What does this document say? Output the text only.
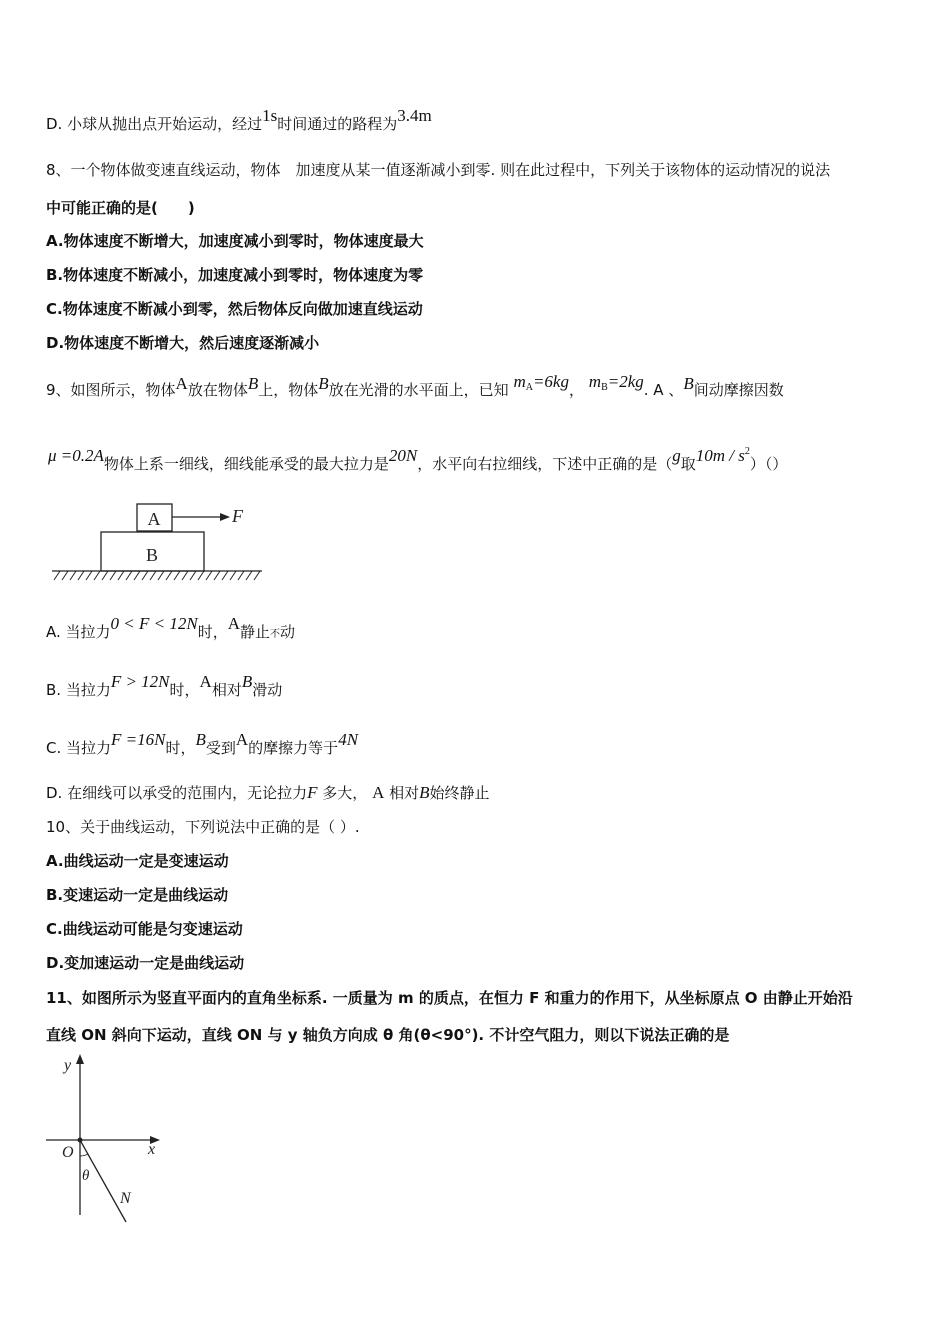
D. 小球从抛出点开始运动，经过1s时间通过的路程为3.4m
8、一个物体做变速直线运动，物体　加速度从某一值逐渐减小到零. 则在此过程中，下列关于该物体的运动情况的说法
中可能正确的是(　　)
A.物体速度不断增大，加速度减小到零时，物体速度最大
B.物体速度不断减小，加速度减小到零时，物体速度为零
C.物体速度不断减小到零，然后物体反向做加速直线运动
D.物体速度不断增大，然后速度逐渐减小
9、如图所示，物体A放在物体B上，物体B放在光滑的水平面上，已知 mA=6kg， mB=2kg. A 、B间动摩擦因数
μ =0.2A物体上系一细线，细线能承受的最大拉力是20N，水平向右拉细线，下述中正确的是（g取$10m / s^2)()$
A
B
F
A. 当拉力0 < F < 12N时，A静止不动
B. 当拉力F > 12N时，A相对B滑动
C. 当拉力F =16N时，B受到A的摩擦力等于4N
D. 在细线可以承受的范围内，无论拉力F 多大， A 相对B始终静止
10、关于曲线运动，下列说法中正确的是（ ）.
A.曲线运动一定是变速运动
B.变速运动一定是曲线运动
C.曲线运动可能是匀变速运动
D.变加速运动一定是曲线运动
11、如图所示为竖直平面内的直角坐标系. 一质量为 m 的质点，在恒力 F 和重力的作用下，从坐标原点 O 由静止开始沿
直线 ON 斜向下运动，直线 ON 与 y 轴负方向成 θ 角(θ<90°). 不计空气阻力，则以下说法正确的是
y
x
O
θ
N
